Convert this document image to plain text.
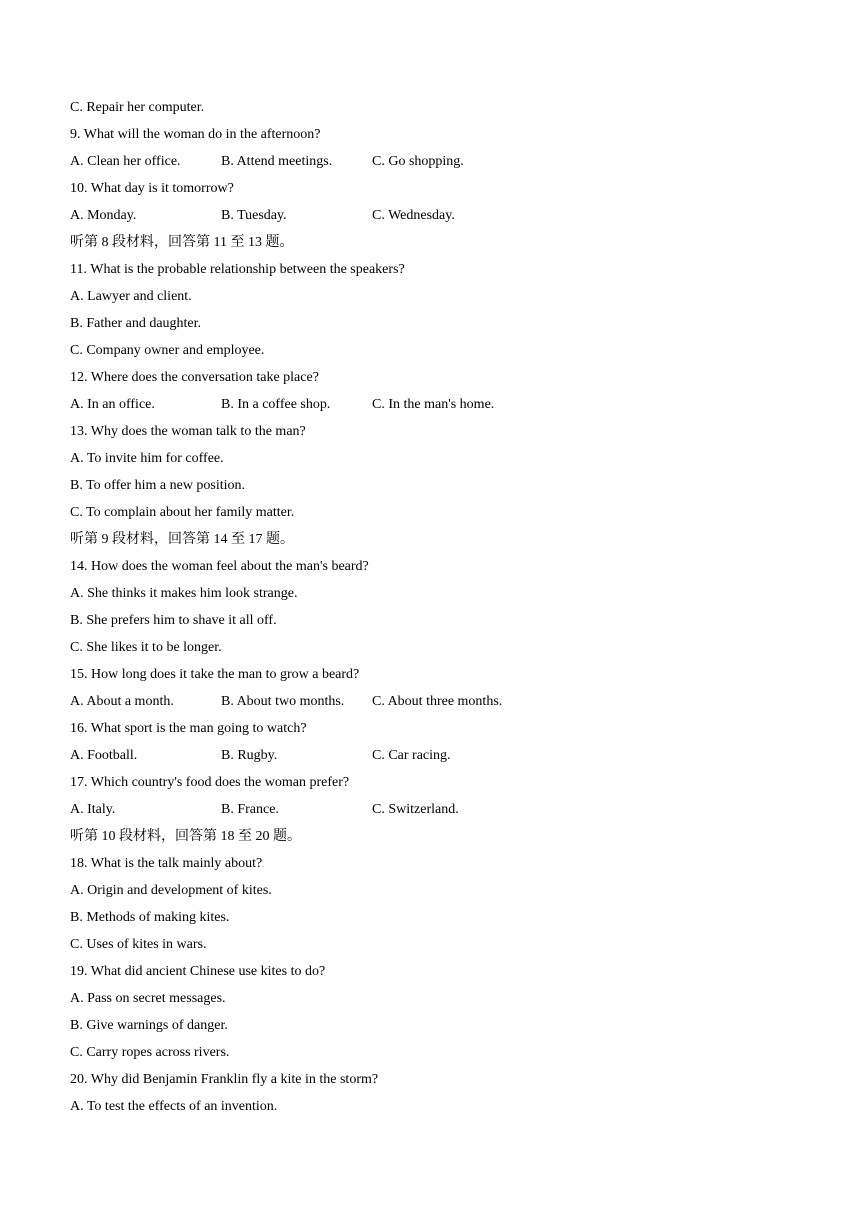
C. Repair her computer.
9. What will the woman do in the afternoon?
A. Clean her office.	B. Attend meetings.	C. Go shopping.
10. What day is it tomorrow?
A. Monday.	B. Tuesday.	C. Wednesday.
听第 8 段材料，回答第 11 至 13 题。
11. What is the probable relationship between the speakers?
A. Lawyer and client.
B. Father and daughter.
C. Company owner and employee.
12. Where does the conversation take place?
A. In an office.	B. In a coffee shop.	C. In the man's home.
13. Why does the woman talk to the man?
A. To invite him for coffee.
B. To offer him a new position.
C. To complain about her family matter.
听第 9 段材料，回答第 14 至 17 题。
14. How does the woman feel about the man's beard?
A. She thinks it makes him look strange.
B. She prefers him to shave it all off.
C. She likes it to be longer.
15. How long does it take the man to grow a beard?
A. About a month.	B. About two months.	C. About three months.
16. What sport is the man going to watch?
A. Football.	B. Rugby.	C. Car racing.
17. Which country's food does the woman prefer?
A. Italy.	B. France.	C. Switzerland.
听第 10 段材料，回答第 18 至 20 题。
18. What is the talk mainly about?
A. Origin and development of kites.
B. Methods of making kites.
C. Uses of kites in wars.
19. What did ancient Chinese use kites to do?
A. Pass on secret messages.
B. Give warnings of danger.
C. Carry ropes across rivers.
20. Why did Benjamin Franklin fly a kite in the storm?
A. To test the effects of an invention.
